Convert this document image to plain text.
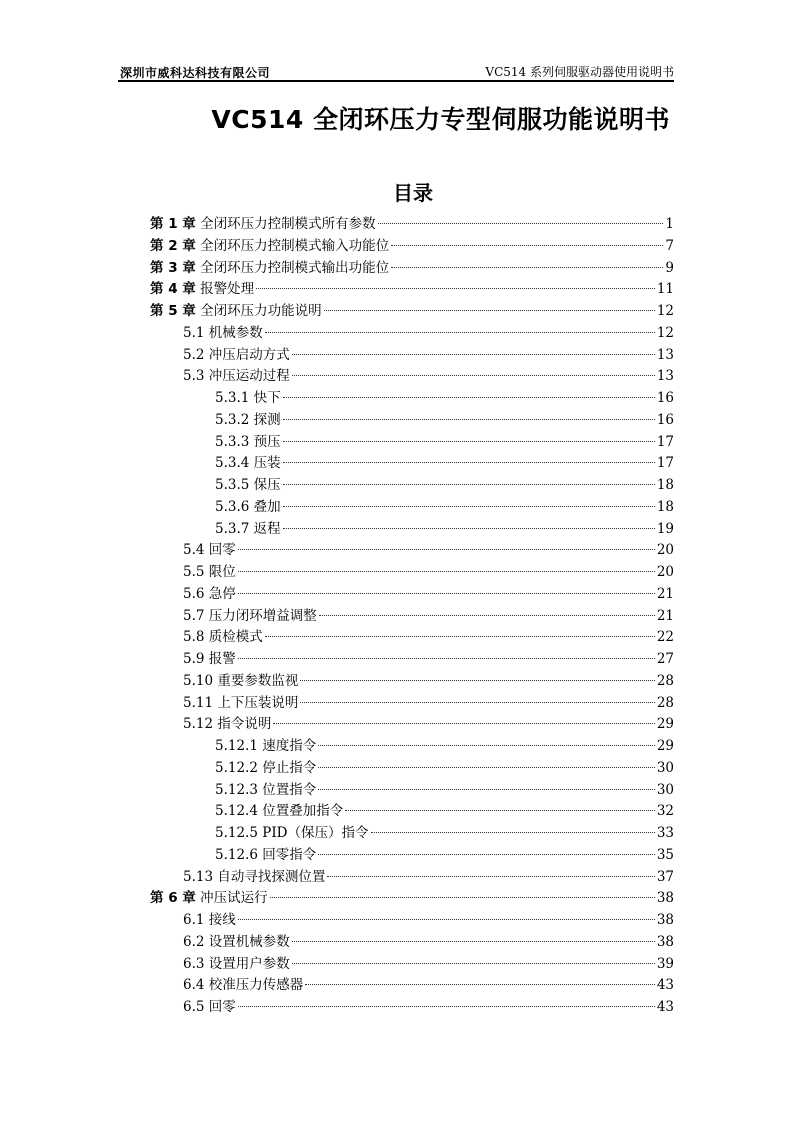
深圳市威科达科技有限公司	VC514 系列伺服驱动器使用说明书
VC514 全闭环压力专型伺服功能说明书
目录
第 1 章 全闭环压力控制模式所有参数	1
第 2 章 全闭环压力控制模式输入功能位	7
第 3 章 全闭环压力控制模式输出功能位	9
第 4 章 报警处理	11
第 5 章 全闭环压力功能说明	12
5.1 机械参数	12
5.2 冲压启动方式	13
5.3 冲压运动过程	13
5.3.1 快下	16
5.3.2 探测	16
5.3.3 预压	17
5.3.4 压装	17
5.3.5 保压	18
5.3.6 叠加	18
5.3.7 返程	19
5.4 回零	20
5.5 限位	20
5.6 急停	21
5.7 压力闭环增益调整	21
5.8 质检模式	22
5.9 报警	27
5.10 重要参数监视	28
5.11 上下压装说明	28
5.12 指令说明	29
5.12.1 速度指令	29
5.12.2 停止指令	30
5.12.3 位置指令	30
5.12.4 位置叠加指令	32
5.12.5 PID（保压）指令	33
5.12.6 回零指令	35
5.13 自动寻找探测位置	37
第 6 章 冲压试运行	38
6.1 接线	38
6.2 设置机械参数	38
6.3 设置用户参数	39
6.4 校准压力传感器	43
6.5 回零	43
